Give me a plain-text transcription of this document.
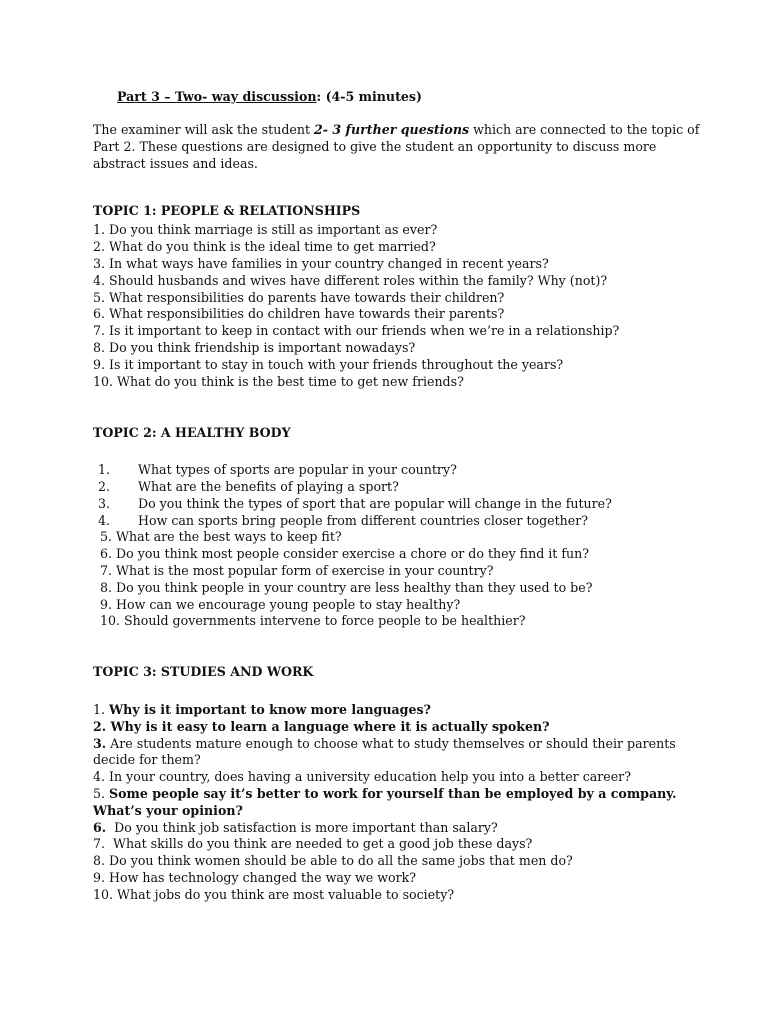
Part 3 – Two- way discussion: (4-5 minutes)
The examiner will ask the student 2- 3 further questions which are connected to the topic of
Part 2. These questions are designed to give the student an opportunity to discuss more
abstract issues and ideas.
TOPIC 1: PEOPLE & RELATIONSHIPS
1. Do you think marriage is still as important as ever?
2. What do you think is the ideal time to get married?
3. In what ways have families in your country changed in recent years?
4. Should husbands and wives have different roles within the family? Why (not)?
5. What responsibilities do parents have towards their children?
6. What responsibilities do children have towards their parents?
7. Is it important to keep in contact with our friends when we’re in a relationship?
8. Do you think friendship is important nowadays?
9. Is it important to stay in touch with your friends throughout the years?
10. What do you think is the best time to get new friends?
TOPIC 2: A HEALTHY BODY
1. What types of sports are popular in your country?
2. What are the benefits of playing a sport?
3. Do you think the types of sport that are popular will change in the future?
4. How can sports bring people from different countries closer together?
5. What are the best ways to keep fit?
6. Do you think most people consider exercise a chore or do they find it fun?
7. What is the most popular form of exercise in your country?
8. Do you think people in your country are less healthy than they used to be?
9. How can we encourage young people to stay healthy?
10. Should governments intervene to force people to be healthier?
TOPIC 3: STUDIES AND WORK
1. Why is it important to know more languages?
2. Why is it easy to learn a language where it is actually spoken?
3. Are students mature enough to choose what to study themselves or should their parents
decide for them?
4. In your country, does having a university education help you into a better career?
5. Some people say it’s better to work for yourself than be employed by a company.
What’s your opinion?
6.  Do you think job satisfaction is more important than salary?
7.  What skills do you think are needed to get a good job these days?
8. Do you think women should be able to do all the same jobs that men do?
9. How has technology changed the way we work?
10. What jobs do you think are most valuable to society?
